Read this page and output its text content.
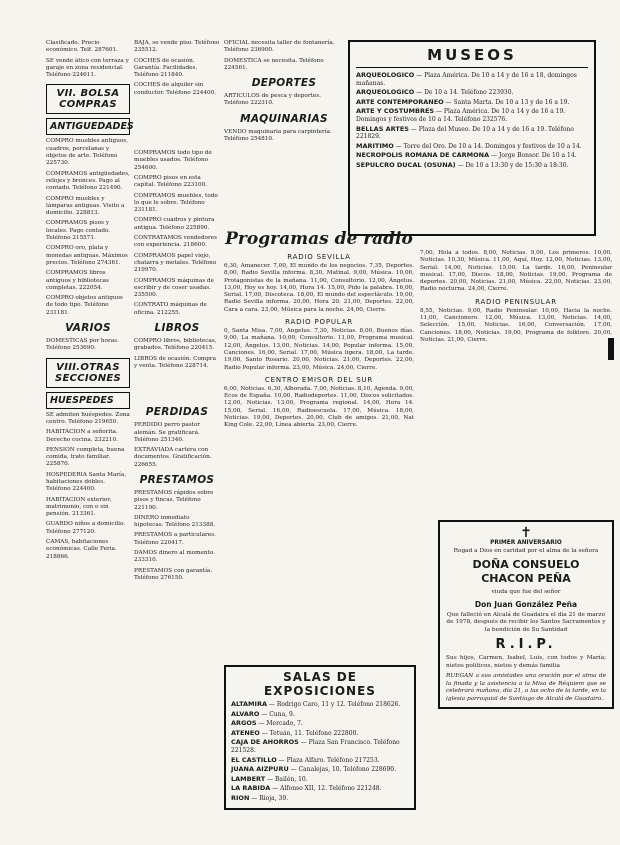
Clasificado. Precio económico. Telf. 287601.
SE vende ático con terraza y garaje en zona residencial. Teléfono 224611.
VII. BOLSA COMPRAS
ANTIGUEDADES
COMPRO muebles antiguos, cuadros, porcelanas y objetos de arte. Teléfono 225730.
COMPRAMOS antigüedades, relojes y bronces. Pago al contado. Teléfono 221490.
COMPRO muebles y lámparas antiguas. Visito a domicilio. 228813.
COMPRAMOS pisos y locales. Pago contado. Teléfono 215571.
COMPRO oro, plata y monedas antiguas. Máximos precios. Teléfono 274361.
COMPRAMOS libros antiguos y bibliotecas completas. 222054.
COMPRO objetos antiguos de todo tipo. Teléfono 231181.
VARIOS
DOMESTICAS por horas. Teléfono 253690.
VIII.OTRAS SECCIONES
HUESPEDES
SE admiten huéspedes. Zona centro. Teléfono 219650.
HABITACION a señorita. Derecho cocina. 232210.
PENSION completa, buena comida, trato familiar. 225870.
HOSPEDERIA Santa María, habitaciones dobles. Teléfono 224400.
HABITACION exterior, matrimonio, con o sin pensión. 213361.
GUARDO niños a domicilio. Teléfono 277120.
CAMAS, habitaciones económicas. Calle Feria. 218866.
BAJA, se vende piso. Teléfono 235512.
COCHES de ocasión. Garantía. Facilidades. Teléfono 211840.
COCHES de alquiler sin conductor. Teléfono 224400.
COMPRAMOS todo tipo de muebles usados. Teléfono 254600.
COMPRO pisos en esta capital. Teléfono 223100.
COMPRAMOS muebles, todo lo que le sobre. Teléfono 231181.
COMPRO cuadros y pintura antigua. Teléfono 225890.
CONTRATAMOS vendedores con experiencia. 218600.
COMPRAMOS papel viejo, chatarra y metales. Teléfono 219970.
COMPRAMOS máquinas de escribir y de coser usadas. 235500.
CONTRATO máquinas de oficina. 212255.
LIBROS
COMPRO libros, bibliotecas, grabados. Teléfono 220415.
LIBROS de ocasión. Compra y venta. Teléfono 228714.
PERDIDAS
PERDIDO perro pastor alemán. Se gratificará. Teléfono 251340.
EXTRAVIADA cartera con documentos. Gratificación. 226655.
PRESTAMOS
PRESTAMOS rápidos sobre pisos y fincas. Teléfono 221190.
DINERO inmediato hipotecas. Teléfono 213388.
PRESTAMOS a particulares. Teléfono 220417.
DAMOS dinero al momento. 233310.
PRESTAMOS con garantía. Teléfono 276150.
OFICIAL necesita taller de fontanería. Teléfono 236900.
DOMESTICA se necesita. Teléfono 224561.
DEPORTES
ARTICULOS de pesca y deportes. Teléfono 222310.
MAQUINARIAS
VENDO maquinaria para carpintería. Teléfono 254810.
MUSEOS
ARQUEOLOGICO — Plaza América. De 10 a 14 y de 16 a 18, domingos mañanas.
ARQUEOLOGICO — De 10 a 14. Teléfono 223930.
ARTE CONTEMPORANEO — Santa Marta. De 10 a 13 y de 16 a 19.
ARTE Y COSTUMBRES — Plaza América. De 10 a 14 y de 16 a 19. Domingos y festivos de 10 a 14. Teléfono 232576.
BELLAS ARTES — Plaza del Museo. De 10 a 14 y de 16 a 19. Teléfono 221829.
MARITIMO — Torre del Oro. De 10 a 14. Domingos y festivos de 10 a 14.
NECROPOLIS ROMANA DE CARMONA — Jorge Bonsor. De 10 a 14.
SEPULCRO DUCAL (OSUNA) — De 10 a 13:30 y de 15:30 a 18:30.
Programas de radio
RADIO SEVILLA

6,30, Amanecer. 7,00, El mundo de los negocios. 7,35, Deportes. 8,00, Radio Sevilla informa. 8,30, Matinal. 9,00, Música. 10,00, Protagonistas de la mañana. 11,00, Consultorio. 12,00, Ángelus. 13,00, Hoy es hoy. 14,00, Hora 14. 15,00, Pido la palabra. 16,00, Serial. 17,00, Discoteca. 18,00, El mundo del espectáculo. 19,00, Radio Sevilla informa. 20,00, Hora 20. 21,00, Deportes. 22,00, Cara a cara. 23,00, Música para la noche. 24,00, Cierre.

RADIO POPULAR

0, Santa Misa. 7,00, Angelus. 7,30, Noticias. 8,00, Buenos días. 9,00, La mañana. 10,00, Consultorio. 11,00, Programa musical. 12,00, Ángelus. 13,00, Noticias. 14,00, Popular informa. 15,00, Canciones. 16,00, Serial. 17,00, Música ligera. 18,00, La tarde. 19,00, Santo Rosario. 20,00, Noticias. 21,00, Deportes. 22,00, Radio Popular informa. 23,00, Música. 24,00, Cierre.

CENTRO EMISOR DEL SUR

6,00, Noticias. 6,30, Alborada. 7,00, Noticias. 8,10, Agenda. 9,00, Ecos de España. 10,00, Radiodeportes. 11,00, Discos solicitados. 12,00, Noticias. 13,00, Programa regional. 14,00, Hora 14. 15,00, Serial. 16,00, Radioescuela. 17,00, Música. 18,00, Noticias. 19,00, Deportes. 20,00, Club de amigos. 21,00, Nat King Cole. 22,00, Línea abierta. 23,00, Cierre.

7,00, Hola a todos. 8,00, Noticias. 9,00, Los primeros. 10,00, Noticias. 10,30, Música. 11,00, Aquí, Hoy. 12,00, Noticias. 13,00, Serial. 14,00, Noticias. 15,00, La tarde. 16,00, Peninsular musical. 17,00, Discos. 18,00, Noticias. 19,00, Programa de deportes. 20,00, Noticias. 21,00, Música. 22,00, Noticias. 23,00, Radio nocturna. 24,00, Cierre.

RADIO PENINSULAR

8,55, Noticias. 9,00, Radio Peninsular. 10,00, Hacia la noche. 11,00, Cancionero. 12,00, Música. 13,00, Noticias. 14,00, Selección. 15,00, Noticias. 16,00, Conversación. 17,00, Canciones. 18,00, Noticias. 19,00, Programa de folklore. 20,00, Noticias. 21,00, Cierre.

SALAS DE EXPOSICIONES
ALTAMIRA — Rodrigo Caro, 11 y 12. Teléfono 218626.
ALVARO — Cuna, 9.
ARGOS — Mercado, 7.
ATENEO — Tetuán, 11. Teléfono 222800.
CAJA DE AHORROS — Plaza San Francisco. Teléfono 221528.
EL CASTILLO — Plaza Alfaro. Teléfono 217253.
JUANA AIZPURU — Canalejas, 10. Teléfono 228690.
LAMBERT — Bailén, 10.
LA RABIDA — Alfonso XII, 12. Teléfono 221248.
RION — Rioja, 39.
✝
PRIMER ANIVERSARIO
Rogad a Dios en caridad por el alma de la señora
DOÑA CONSUELO CHACON PEÑA
viuda que fue del señor
Don Juan González Peña
Que falleció en Alcalá de Guadaira el día 21 de marzo de 1978, después de recibir los Santos Sacramentos y la bendición de Su Santidad
R.I.P.
Sus hijos, Carmen, Isabel, Luis, con todos y María; nietos políticos, nietos y demás familia
RUEGAN a sus amistades una oración por el alma de la finada y la asistencia a la Misa de Réquiem que se celebrará mañana, día 21, a las ocho de la tarde, en la iglesia parroquial de Santiago de Alcalá de Guadaira.
